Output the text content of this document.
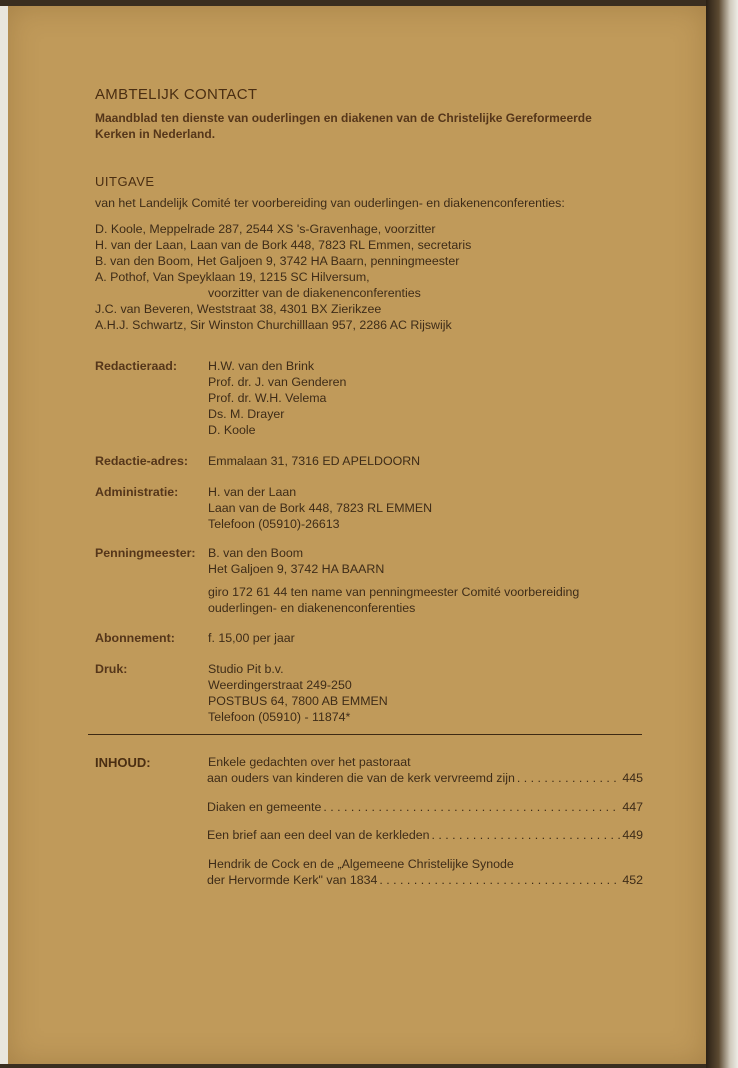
AMBTELIJK CONTACT
Maandblad ten dienste van ouderlingen en diakenen van de Christelijke Gereformeerde
Kerken in Nederland.
UITGAVE
van het Landelijk Comité ter voorbereiding van ouderlingen- en diakenenconferenties:
D. Koole, Meppelrade 287, 2544 XS 's-Gravenhage, voorzitter
H. van der Laan, Laan van de Bork 448, 7823 RL Emmen, secretaris
B. van den Boom, Het Galjoen 9, 3742 HA Baarn, penningmeester
A. Pothof, Van Speyklaan 19, 1215 SC Hilversum,
voorzitter van de diakenenconferenties
J.C. van Beveren, Weststraat 38, 4301 BX Zierikzee
A.H.J. Schwartz, Sir Winston Churchilllaan 957, 2286 AC Rijswijk
Redactieraad:	H.W. van den Brink
Prof. dr. J. van Genderen
Prof. dr. W.H. Velema
Ds. M. Drayer
D. Koole
Redactie-adres: Emmalaan 31, 7316 ED APELDOORN
Administratie: H. van der Laan
Laan van de Bork 448, 7823 RL EMMEN
Telefoon (05910)-26613
Penningmeester: B. van den Boom
Het Galjoen 9, 3742 HA BAARN
giro 172 61 44 ten name van penningmeester Comité voorbereiding
ouderlingen- en diakenenconferenties
Abonnement:	f. 15,00 per jaar
Druk:	Studio Pit b.v.
Weerdingerstraat 249-250
POSTBUS 64, 7800 AB EMMEN
Telefoon (05910) - 11874*
INHOUD:	Enkele gedachten over het pastoraat
aan ouders van kinderen die van de kerk vervreemd zijn . . .	445
Diaken en gemeente . . .	447
Een brief aan een deel van de kerkleden . . .	449
Hendrik de Cock en de „Algemeene Christelijke Synode
der Hervormde Kerk" van 1834 . . .	452
